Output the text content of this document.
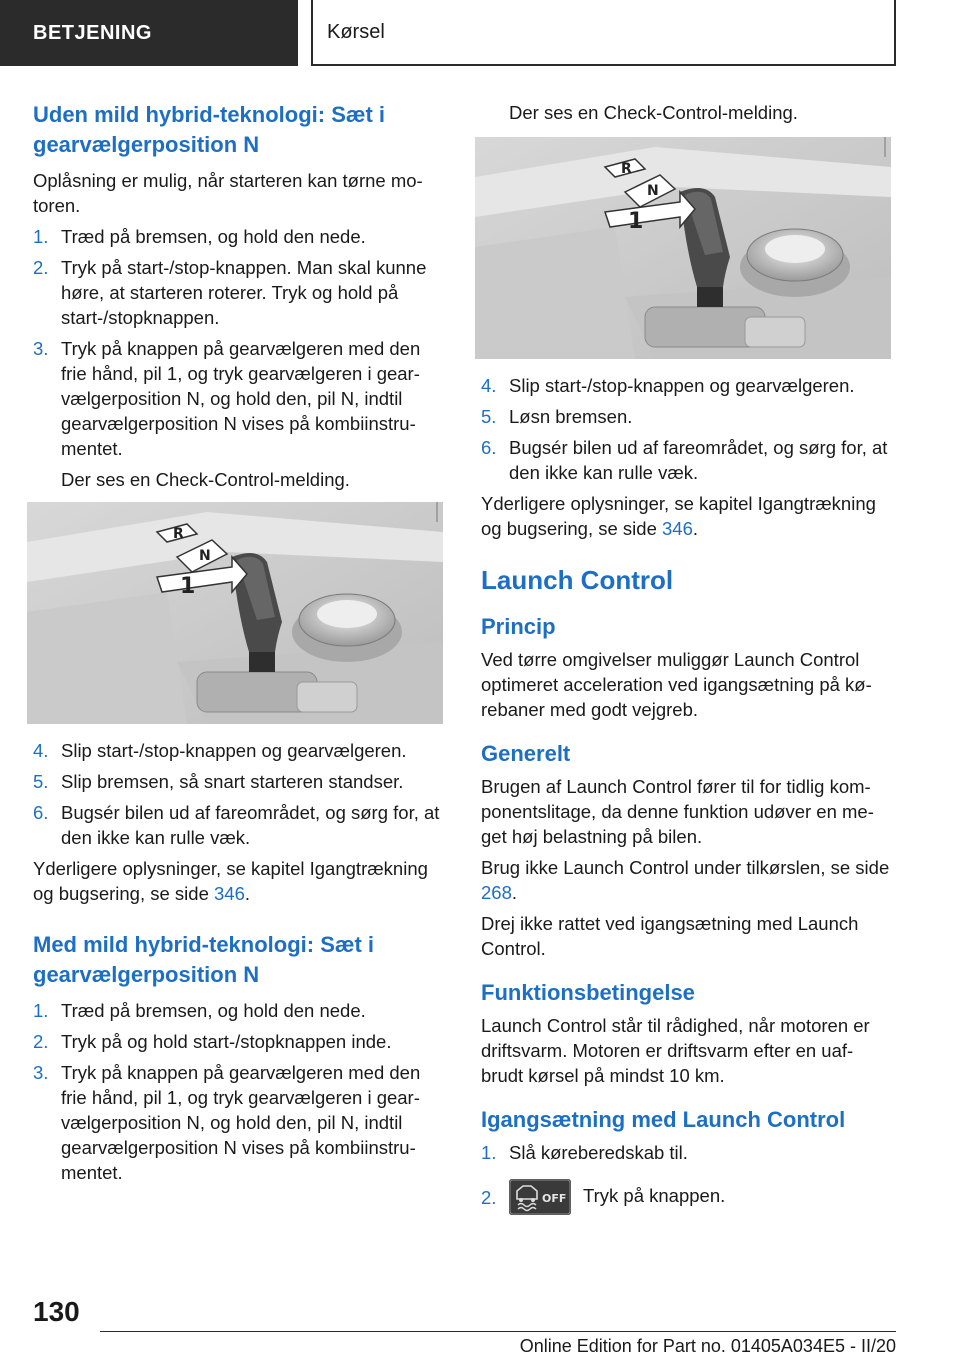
BETJENING	Kørsel
Uden mild hybrid-teknologi: Sæt i gearvælgerposition N

Oplåsning er mulig, når starteren kan tørne mo-toren.

1. Træd på bremsen, og hold den nede.
2. Tryk på start-/stop-knappen. Man skal kunne høre, at starteren roterer. Tryk og hold på start-/stopknappen.
3. Tryk på knappen på gearvælgeren med den frie hånd, pil 1, og tryk gearvælgeren i gear-vælgerposition N, og hold den, pil N, indtil gearvælgerposition N vises på kombiinstru-mentet.

Der ses en Check-Control-melding.

R
N
1
4. Slip start-/stop-knappen og gearvælgeren.
5. Slip bremsen, så snart starteren standser.
6. Bugsér bilen ud af fareområdet, og sørg for, at den ikke kan rulle væk.

Yderligere oplysninger, se kapitel Igangtrækning og bugsering, se side 346.

Med mild hybrid-teknologi: Sæt i gearvælgerposition N
1. Træd på bremsen, og hold den nede.
2. Tryk på og hold start-/stopknappen inde.
3. Tryk på knappen på gearvælgeren med den frie hånd, pil 1, og tryk gearvælgeren i gear-vælgerposition N, og hold den, pil N, indtil gearvælgerposition N vises på kombiinstru-mentet.

Der ses en Check-Control-melding.

R
N
1
4. Slip start-/stop-knappen og gearvælgeren.
5. Løsn bremsen.
6. Bugsér bilen ud af fareområdet, og sørg for, at den ikke kan rulle væk.

Yderligere oplysninger, se kapitel Igangtrækning og bugsering, se side 346.

Launch Control
Princip

Ved tørre omgivelser muliggør Launch Control optimeret acceleration ved igangsætning på kø-rebaner med godt vejgreb.

Generelt

Brugen af Launch Control fører til for tidlig kom-ponentslitage, da denne funktion udøver en me-get høj belastning på bilen.

Brug ikke Launch Control under tilkørslen, se side 268.

Drej ikke rattet ved igangsætning med Launch Control.

Funktionsbetingelse

Launch Control står til rådighed, når motoren er driftsvarm. Motoren er driftsvarm efter en uaf-brudt kørsel på mindst 10 km.

Igangsætning med Launch Control
1. Slå køreberedskab til.
2.	OFF Tryk på knappen.
130
Online Edition for Part no. 01405A034E5 - II/20
